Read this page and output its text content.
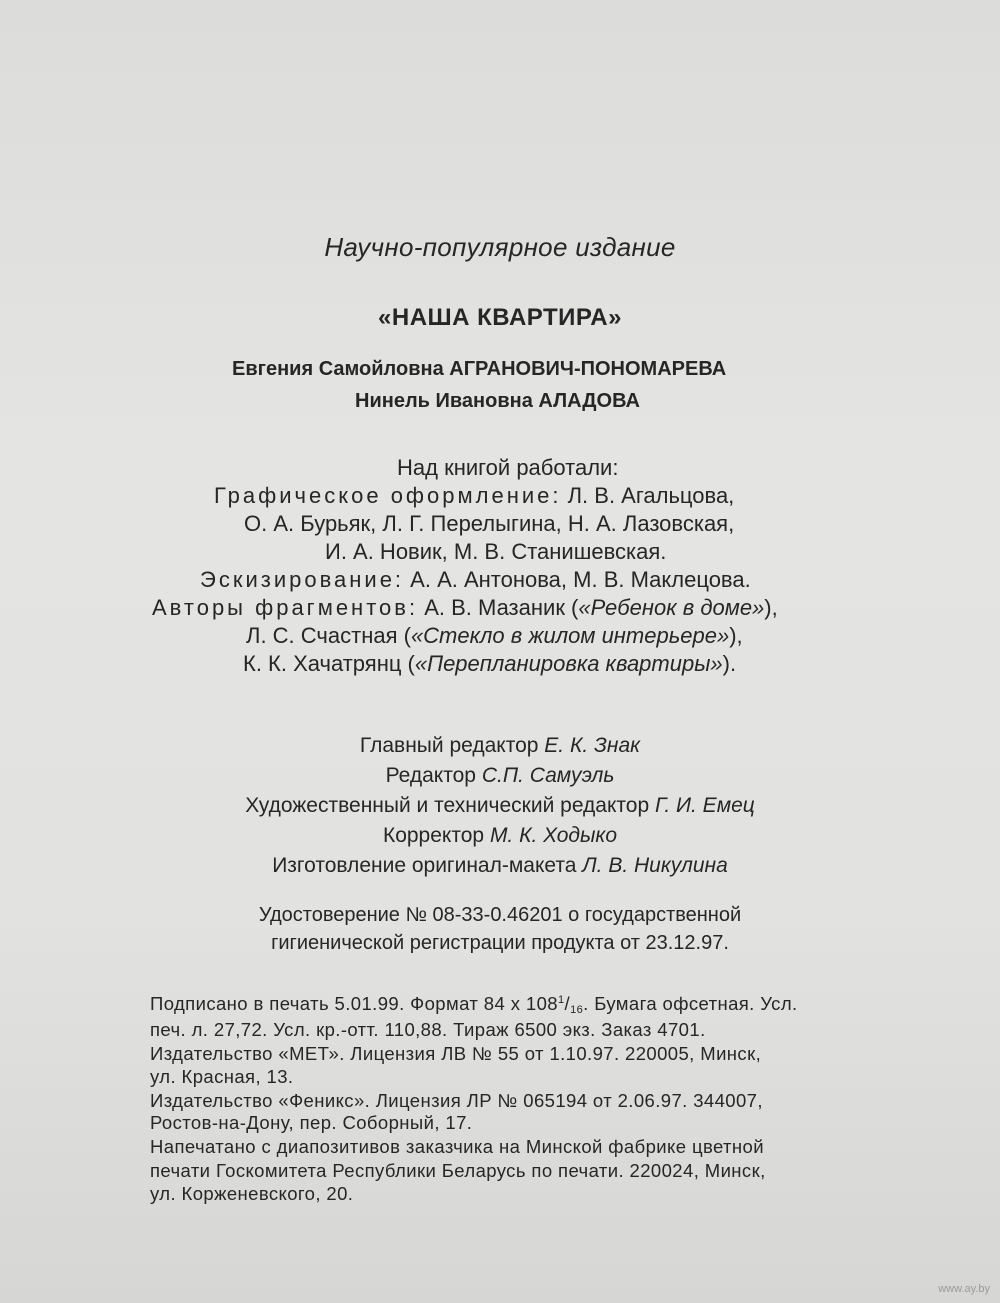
Научно-популярное издание
«НАША КВАРТИРА»
Евгения Самойловна АГРАНОВИЧ-ПОНОМАРЕВА
Нинель Ивановна АЛАДОВА
Над книгой работали:
Графическое оформление: Л. В. Агальцова,
О. А. Бурьяк, Л. Г. Перелыгина, Н. А. Лазовская,
И. А. Новик, М. В. Станишевская.
Эскизирование: А. А. Антонова, М. В. Маклецова.
Авторы фрагментов: А. В. Мазаник («Ребенок в доме»),
Л. С. Счастная («Стекло в жилом интерьере»),
К. К. Хачатрянц («Перепланировка квартиры»).
Главный редактор Е. К. Знак
Редактор С.П. Самуэль
Художественный и технический редактор Г. И. Емец
Корректор М. К. Ходыко
Изготовление оригинал-макета Л. В. Никулина
Удостоверение № 08-33-0.46201 о государственной
гигиенической регистрации продукта от 23.12.97.
Подписано в печать 5.01.99. Формат 84 x $108^1/_{16}$. Бумага офсетная. Усл.
печ. л. 27,72. Усл. кр.-отт. 110,88. Тираж 6500 экз. Заказ 4701.
Издательство «МЕТ». Лицензия ЛВ № 55 от 1.10.97. 220005, Минск,
ул. Красная, 13.
Издательство «Феникс». Лицензия ЛР № 065194 от 2.06.97. 344007,
Ростов-на-Дону, пер. Соборный, 17.
Напечатано с диапозитивов заказчика на Минской фабрике цветной
печати Госкомитета Республики Беларусь по печати. 220024, Минск,
ул. Корженевского, 20.
www.ay.by
